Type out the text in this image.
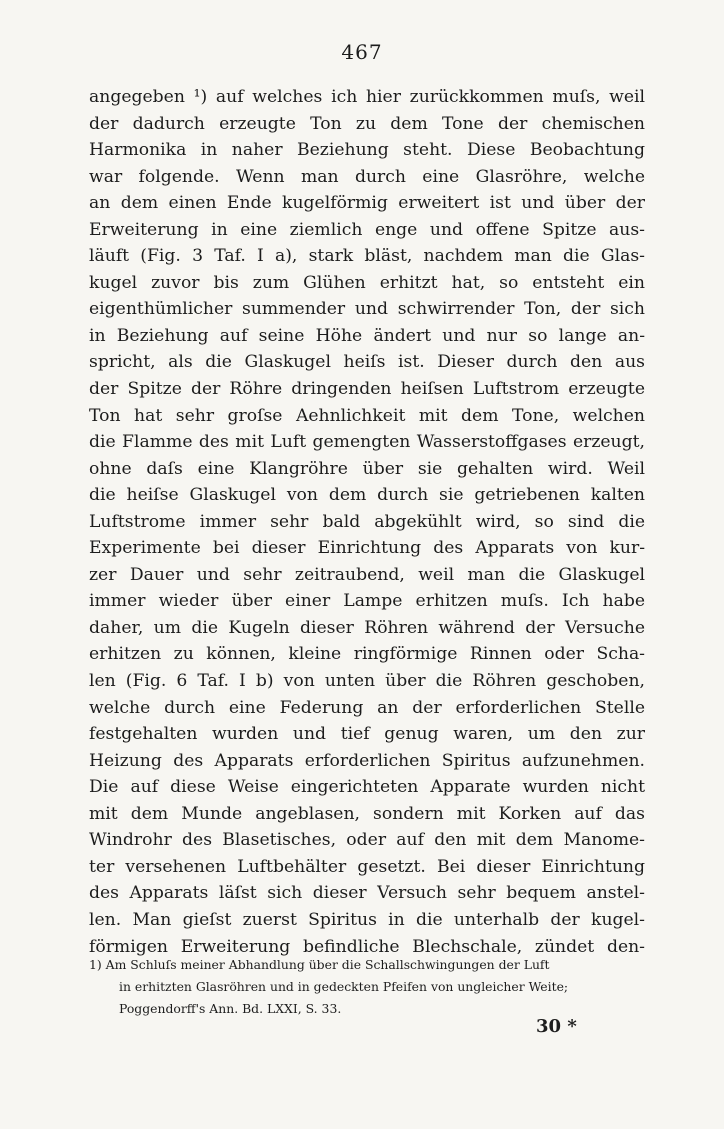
467
angegeben ¹) auf welches ich hier zurückkommen muſs, weil
der dadurch erzeugte Ton zu dem Tone der chemischen
Harmonika in naher Beziehung steht. Diese Beobachtung
war folgende. Wenn man durch eine Glasröhre, welche
an dem einen Ende kugelförmig erweitert ist und über der
Erweiterung in eine ziemlich enge und offene Spitze aus-
läuft (Fig. 3 Taf. I a), stark bläst, nachdem man die Glas-
kugel zuvor bis zum Glühen erhitzt hat, so entsteht ein
eigenthümlicher summender und schwirrender Ton, der sich
in Beziehung auf seine Höhe ändert und nur so lange an-
spricht, als die Glaskugel heiſs ist. Dieser durch den aus
der Spitze der Röhre dringenden heiſsen Luftstrom erzeugte
Ton hat sehr groſse Aehnlichkeit mit dem Tone, welchen
die Flamme des mit Luft gemengten Wasserstoffgases erzeugt,
ohne daſs eine Klangröhre über sie gehalten wird. Weil
die heiſse Glaskugel von dem durch sie getriebenen kalten
Luftstrome immer sehr bald abgekühlt wird, so sind die
Experimente bei dieser Einrichtung des Apparats von kur-
zer Dauer und sehr zeitraubend, weil man die Glaskugel
immer wieder über einer Lampe erhitzen muſs. Ich habe
daher, um die Kugeln dieser Röhren während der Versuche
erhitzen zu können, kleine ringförmige Rinnen oder Scha-
len (Fig. 6 Taf. I b) von unten über die Röhren geschoben,
welche durch eine Federung an der erforderlichen Stelle
festgehalten wurden und tief genug waren, um den zur
Heizung des Apparats erforderlichen Spiritus aufzunehmen.
Die auf diese Weise eingerichteten Apparate wurden nicht
mit dem Munde angeblasen, sondern mit Korken auf das
Windrohr des Blasetisches, oder auf den mit dem Manome-
ter versehenen Luftbehälter gesetzt. Bei dieser Einrichtung
des Apparats läſst sich dieser Versuch sehr bequem anstel-
len. Man gieſst zuerst Spiritus in die unterhalb der kugel-
förmigen Erweiterung befindliche Blechschale, zündet den-
1) Am Schluſs meiner Abhandlung über die Schallschwingungen der Luft
in erhitzten Glasröhren und in gedeckten Pfeifen von ungleicher Weite;
Poggendorff's Ann. Bd. LXXI, S. 33.
30 *
